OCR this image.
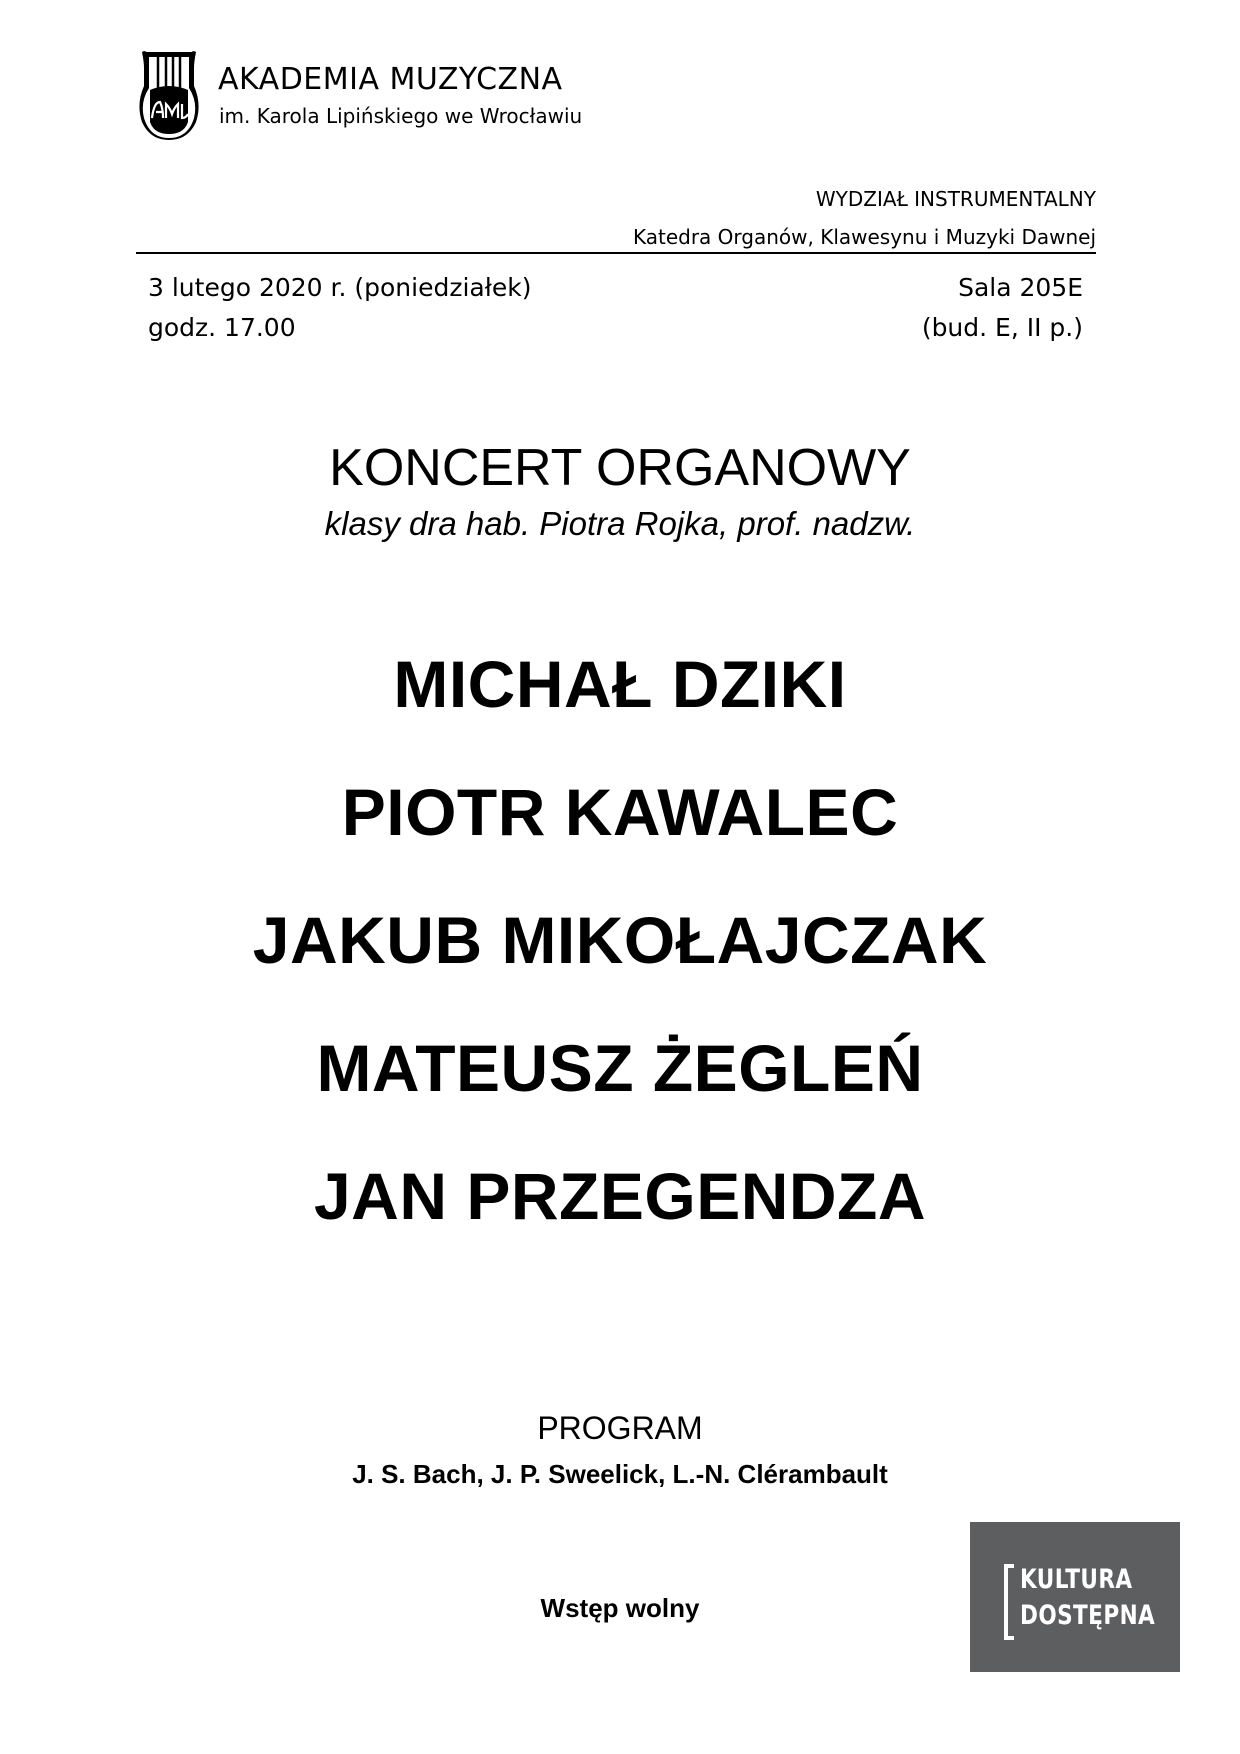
AKADEMIA MUZYCZNA
im. Karola Lipińskiego we Wrocławiu
WYDZIAŁ INSTRUMENTALNY
Katedra Organów, Klawesynu i Muzyki Dawnej
3 lutego 2020 r. (poniedziałek)
godz. 17.00
Sala 205E
(bud. E, II p.)
KONCERT ORGANOWY
klasy dra hab. Piotra Rojka, prof. nadzw.
MICHAŁ DZIKI
PIOTR KAWALEC
JAKUB MIKOŁAJCZAK
MATEUSZ ŻEGLEŃ
JAN PRZEGENDZA
PROGRAM
J. S. Bach, J. P. Sweelick, L.-N. Clérambault
Wstęp wolny
KULTURA
DOSTĘPNA
